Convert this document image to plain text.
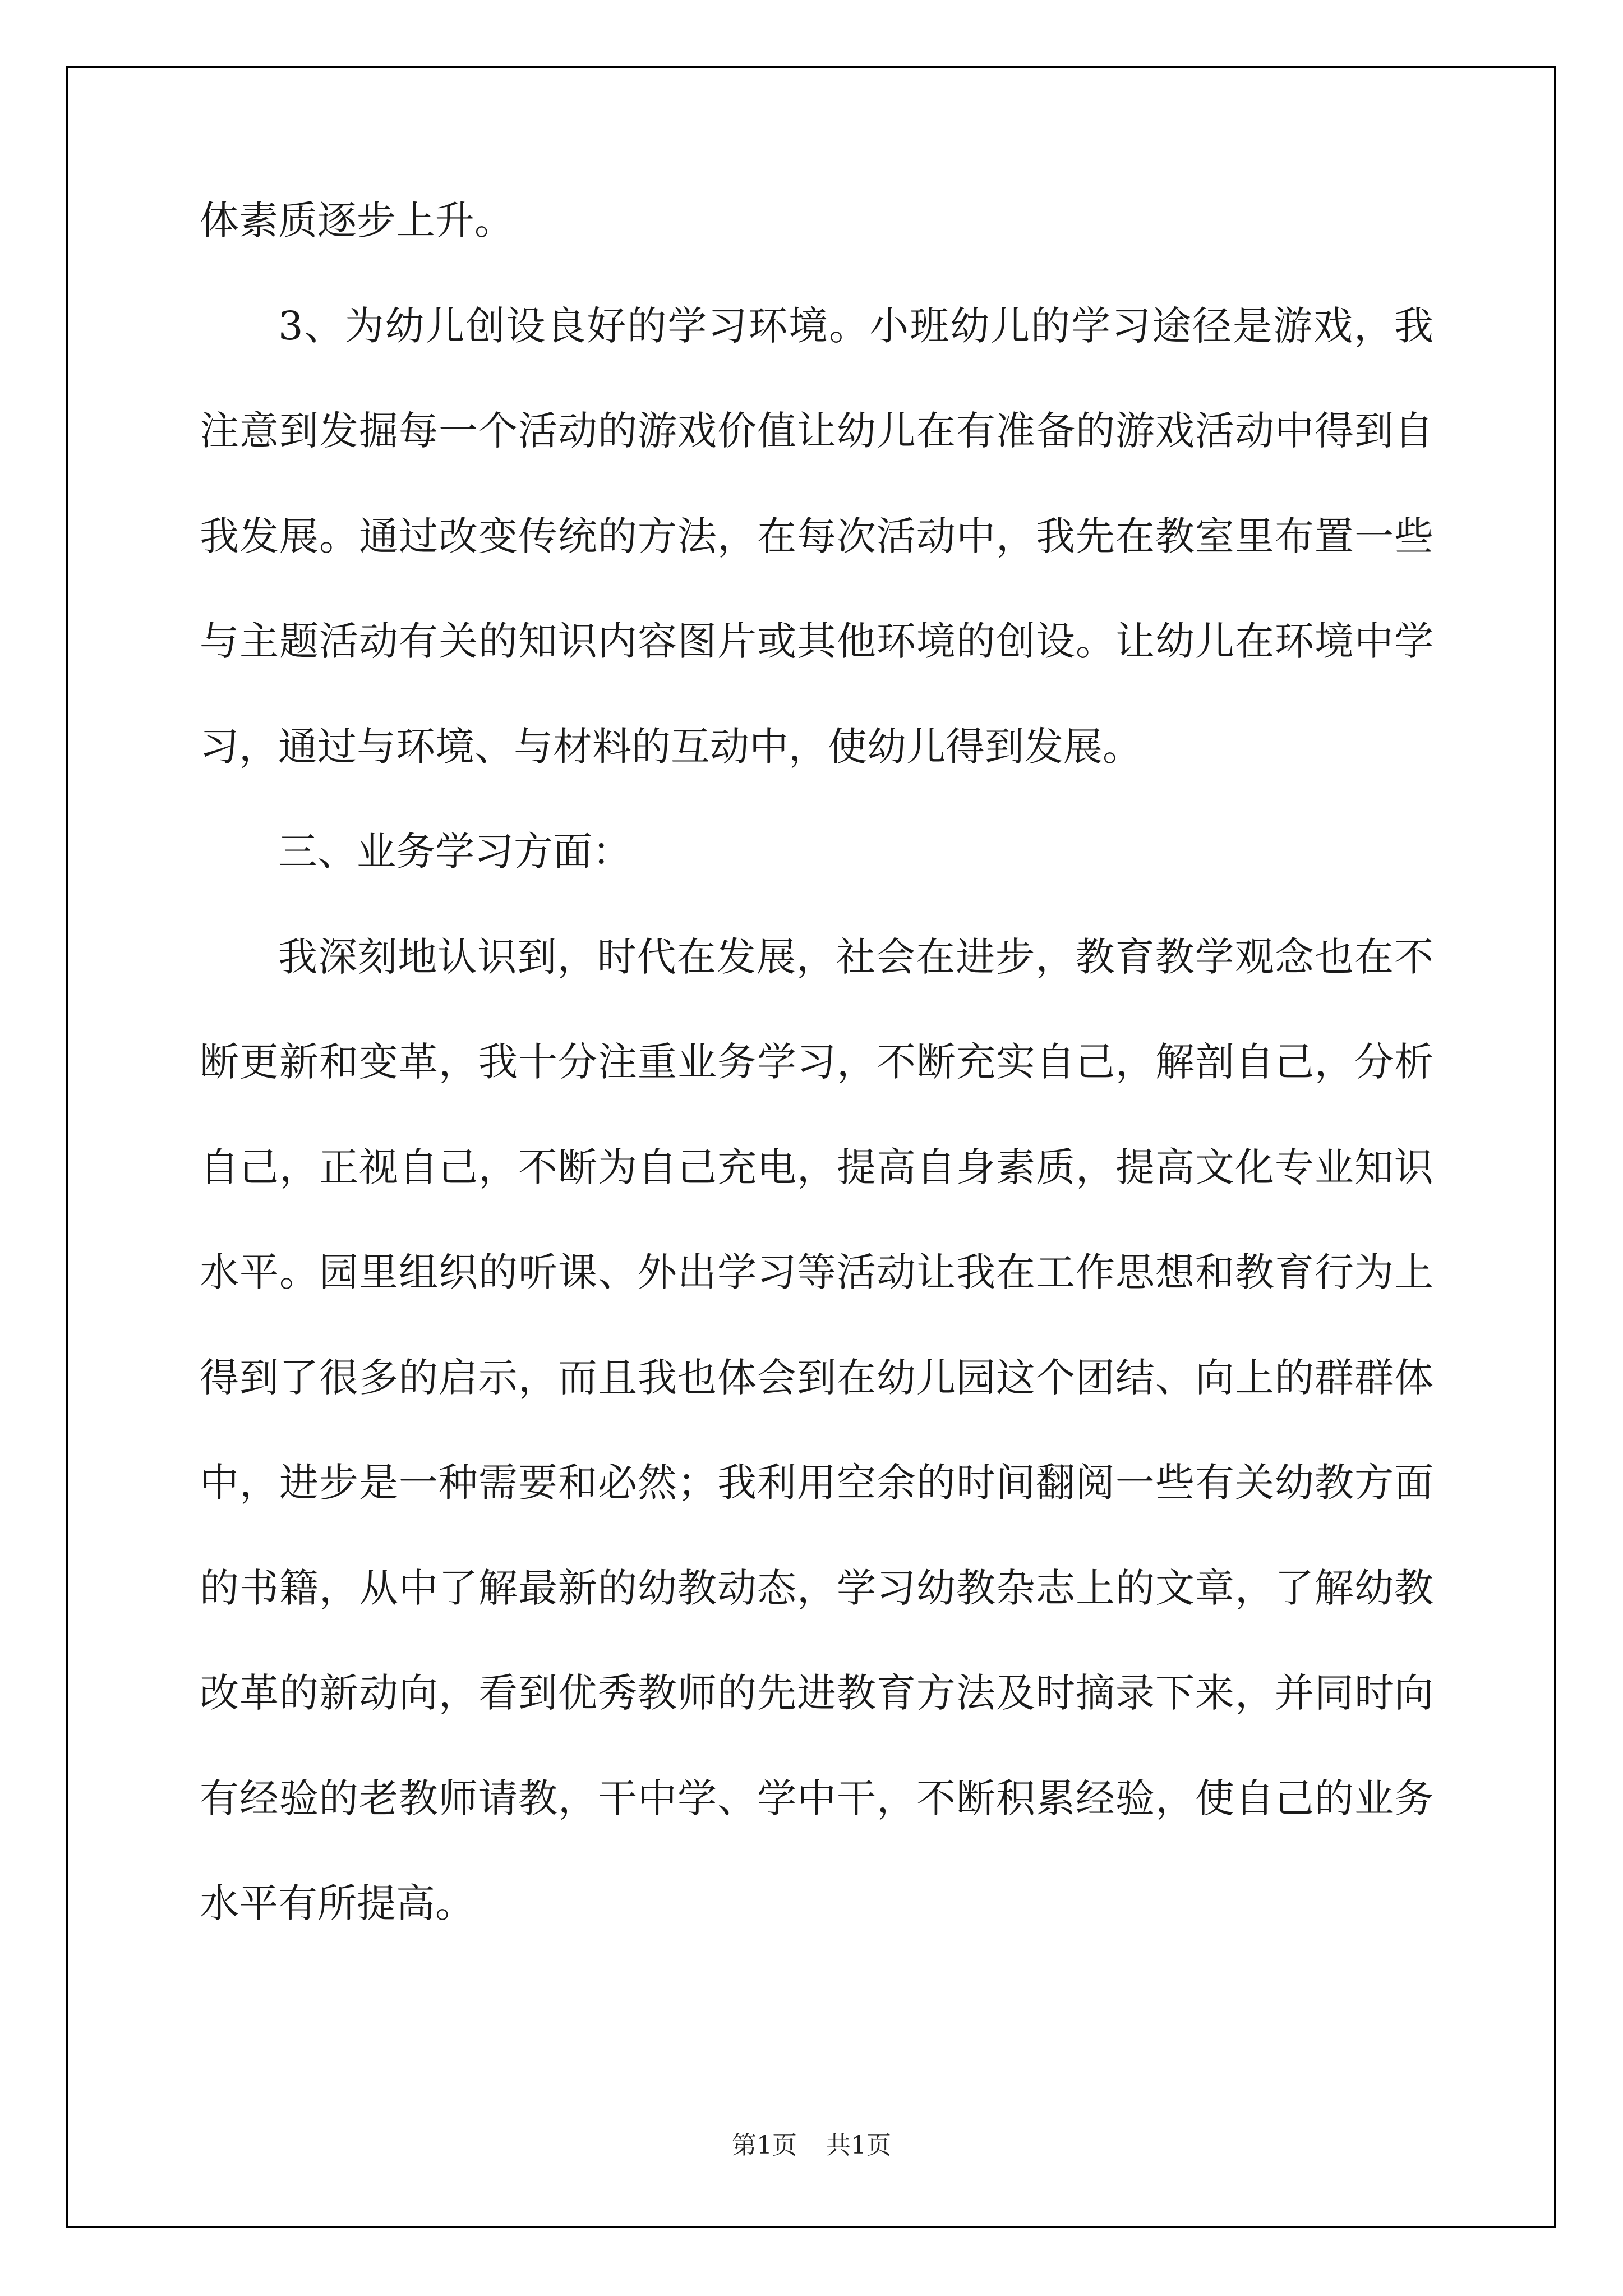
体素质逐步上升。

3、为幼儿创设良好的学习环境。小班幼儿的学习途径是游戏，我注意到发掘每一个活动的游戏价值让幼儿在有准备的游戏活动中得到自我发展。通过改变传统的方法，在每次活动中，我先在教室里布置一些与主题活动有关的知识内容图片或其他环境的创设。让幼儿在环境中学习，通过与环境、与材料的互动中，使幼儿得到发展。

三、业务学习方面：

我深刻地认识到，时代在发展，社会在进步，教育教学观念也在不断更新和变革，我十分注重业务学习，不断充实自己，解剖自己，分析自己，正视自己，不断为自己充电，提高自身素质，提高文化专业知识水平。园里组织的听课、外出学习等活动让我在工作思想和教育行为上得到了很多的启示，而且我也体会到在幼儿园这个团结、向上的群群体中，进步是一种需要和必然；我利用空余的时间翻阅一些有关幼教方面的书籍，从中了解最新的幼教动态，学习幼教杂志上的文章，了解幼教改革的新动向，看到优秀教师的先进教育方法及时摘录下来，并同时向有经验的老教师请教，干中学、学中干，不断积累经验，使自己的业务水平有所提高。

第1页 共1页
